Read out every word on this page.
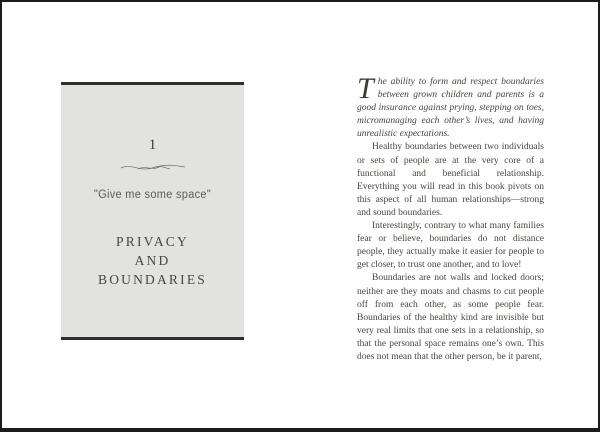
1
"Give me some space"
PRIVACY
AND
BOUNDARIES

The ability to form and respect boundaries between grown children and parents is a good insurance against prying, stepping on toes, micromanaging each other’s lives, and having unrealistic expectations.

Healthy boundaries between two individuals or sets of people are at the very core of a functional and beneficial relationship. Everything you will read in this book pivots on this aspect of all human relationships—strong and sound boundaries.

Interestingly, contrary to what many families fear or believe, boundaries do not distance people, they actually make it easier for people to get closer, to trust one another, and to love!

Boundaries are not walls and locked doors; neither are they moats and chasms to cut people off from each other, as some people fear. Boundaries of the healthy kind are invisible but very real limits that one sets in a relationship, so that the personal space remains one’s own. This does not mean that the other person, be it parent,
